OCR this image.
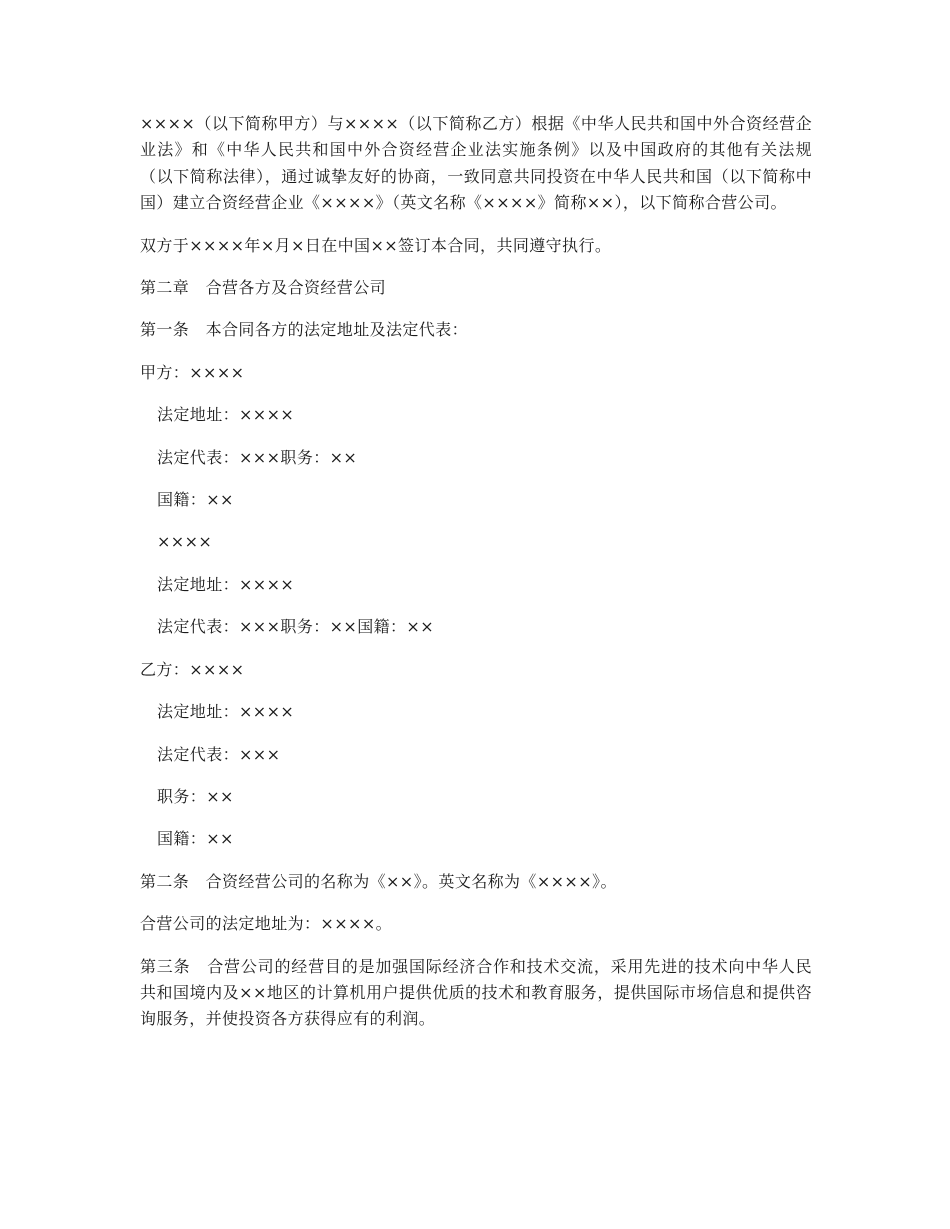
××××（以下简称甲方）与××××（以下简称乙方）根据《中华人民共和国中外合资经营企业法》和《中华人民共和国中外合资经营企业法实施条例》以及中国政府的其他有关法规（以下简称法律），通过诚挚友好的协商，一致同意共同投资在中华人民共和国（以下简称中国）建立合资经营企业《××××》（英文名称《××××》简称××），以下简称合营公司。

双方于××××年×月×日在中国××签订本合同，共同遵守执行。

第二章　合营各方及合资经营公司

第一条　本合同各方的法定地址及法定代表：

甲方：××××

法定地址：××××

法定代表：×××职务：××

国籍：××

××××

法定地址：××××

法定代表：×××职务：××国籍：××

乙方：××××

法定地址：××××

法定代表：×××

职务：××

国籍：××

第二条　合资经营公司的名称为《××》。英文名称为《××××》。

合营公司的法定地址为：××××。

第三条　合营公司的经营目的是加强国际经济合作和技术交流，采用先进的技术向中华人民共和国境内及××地区的计算机用户提供优质的技术和教育服务，提供国际市场信息和提供咨询服务，并使投资各方获得应有的利润。
